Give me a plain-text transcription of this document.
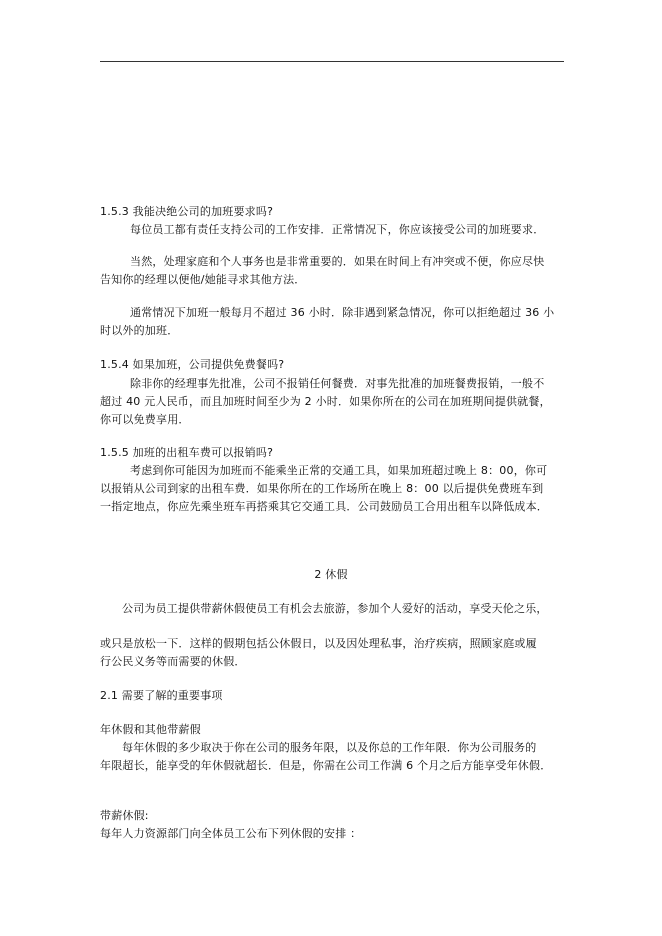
1.5.3 我能决绝公司的加班要求吗?
每位员工都有责任支持公司的工作安排．正常情况下，你应该接受公司的加班要求．
当然，处理家庭和个人事务也是非常重要的．如果在时间上有冲突或不便，你应尽快
告知你的经理以便他/她能寻求其他方法．
通常情况下加班一般每月不超过 36 小时．除非遇到紧急情况，你可以拒绝超过 36 小
时以外的加班．
1.5.4 如果加班，公司提供免费餐吗?
除非你的经理事先批准，公司不报销任何餐费．对事先批准的加班餐费报销，一般不
超过 40 元人民币，而且加班时间至少为 2 小时．如果你所在的公司在加班期间提供就餐，
你可以免费享用．
1.5.5 加班的出租车费可以报销吗?
考虑到你可能因为加班而不能乘坐正常的交通工具，如果加班超过晚上 8：00，你可
以报销从公司到家的出租车费．如果你所在的工作场所在晚上 8：00 以后提供免费班车到
一指定地点，你应先乘坐班车再搭乘其它交通工具．公司鼓励员工合用出租车以降低成本．
2 休假
公司为员工提供带薪休假使员工有机会去旅游，参加个人爱好的活动，享受天伦之乐，
或只是放松一下．这样的假期包括公休假日，以及因处理私事，治疗疾病，照顾家庭或履
行公民义务等而需要的休假．
2.1 需要了解的重要事项
年休假和其他带薪假
每年休假的多少取决于你在公司的服务年限，以及你总的工作年限．你为公司服务的
年限超长，能享受的年休假就超长．但是，你需在公司工作满 6 个月之后方能享受年休假．
带薪休假:
每年人力资源部门向全体员工公布下列休假的安排 ：
